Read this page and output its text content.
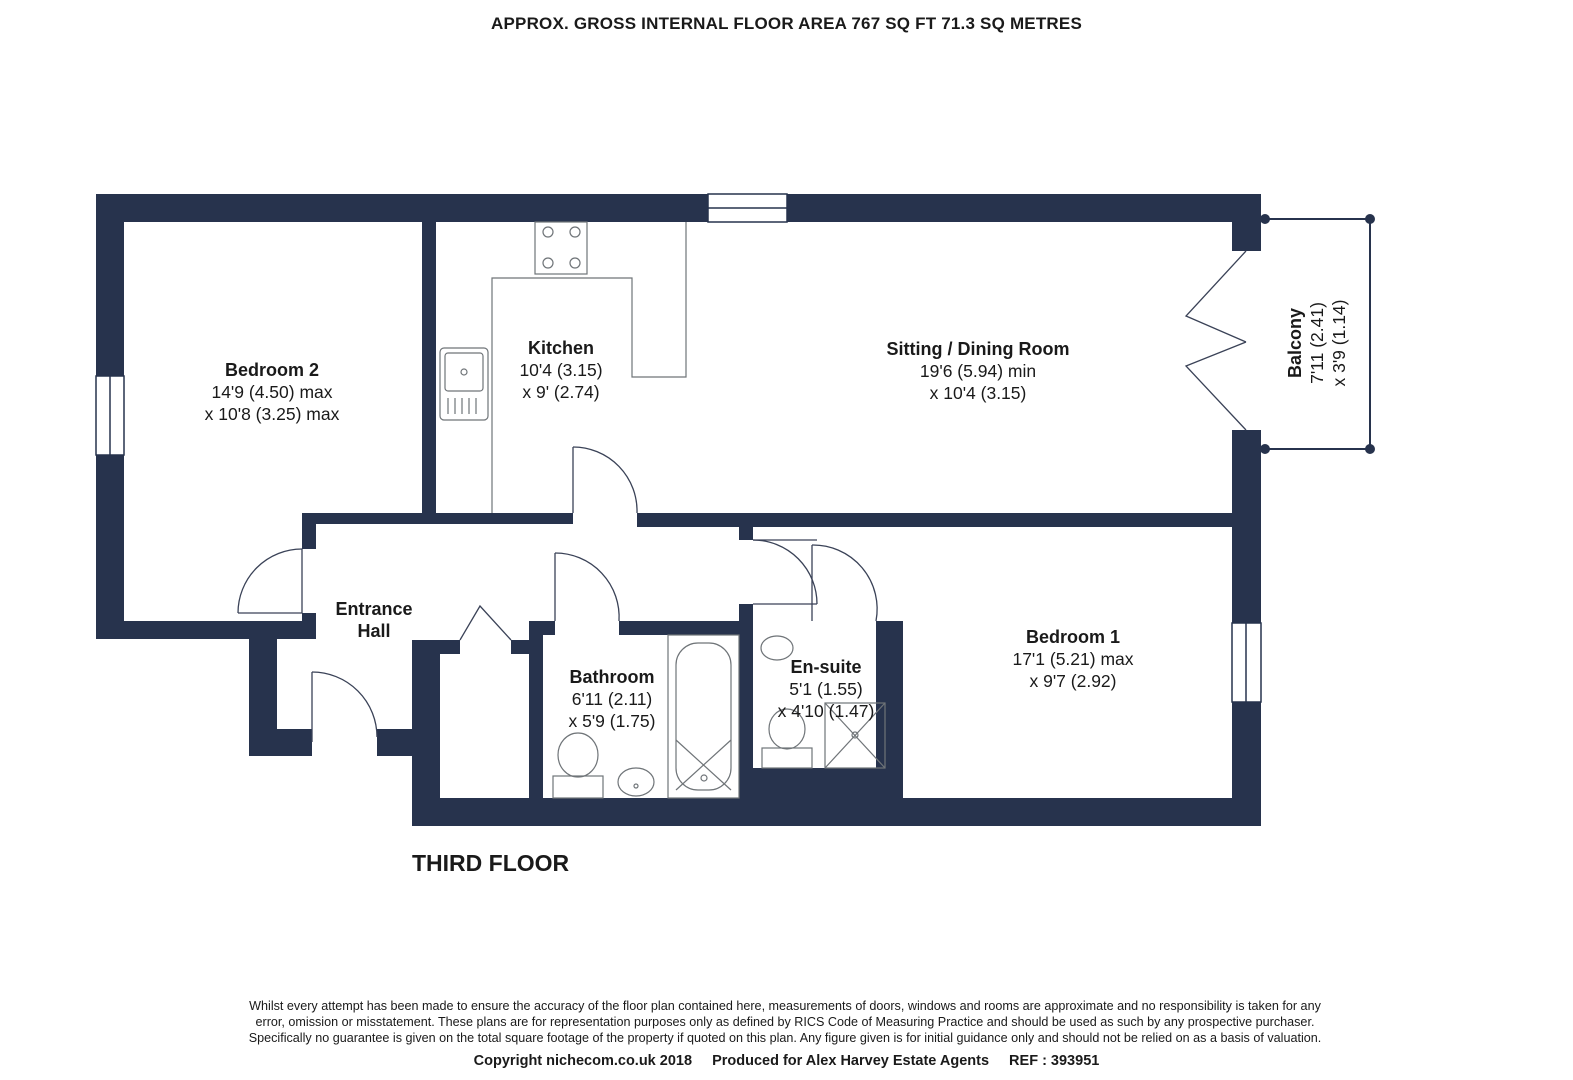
APPROX. GROSS INTERNAL FLOOR AREA 767 SQ FT 71.3 SQ METRES
Bedroom 2
14'9 (4.50) max
x 10'8 (3.25) max
Kitchen
10'4 (3.15)
x 9' (2.74)
Sitting / Dining Room
19'6 (5.94) min
x 10'4 (3.15)
Balcony 7'11 (2.41) x 3'9 (1.14)
Entrance
Hall
Bathroom
6'11 (2.11)
x 5'9 (1.75)
En-suite
5'1 (1.55)
x 4'10 (1.47)
Bedroom 1
17'1 (5.21) max
x 9'7 (2.92)
THIRD FLOOR
Whilst every attempt has been made to ensure the accuracy of the floor plan contained here, measurements of doors, windows and rooms are approximate and no responsibility is taken for any
error, omission or misstatement. These plans are for representation purposes only as defined by RICS Code of Measuring Practice and should be used as such by any prospective purchaser.
Specifically no guarantee is given on the total square footage of the property if quoted on this plan. Any figure given is for initial guidance only and should not be relied on as a basis of valuation.
Copyright nichecom.co.uk 2018 Produced for Alex Harvey Estate Agents REF : 393951
